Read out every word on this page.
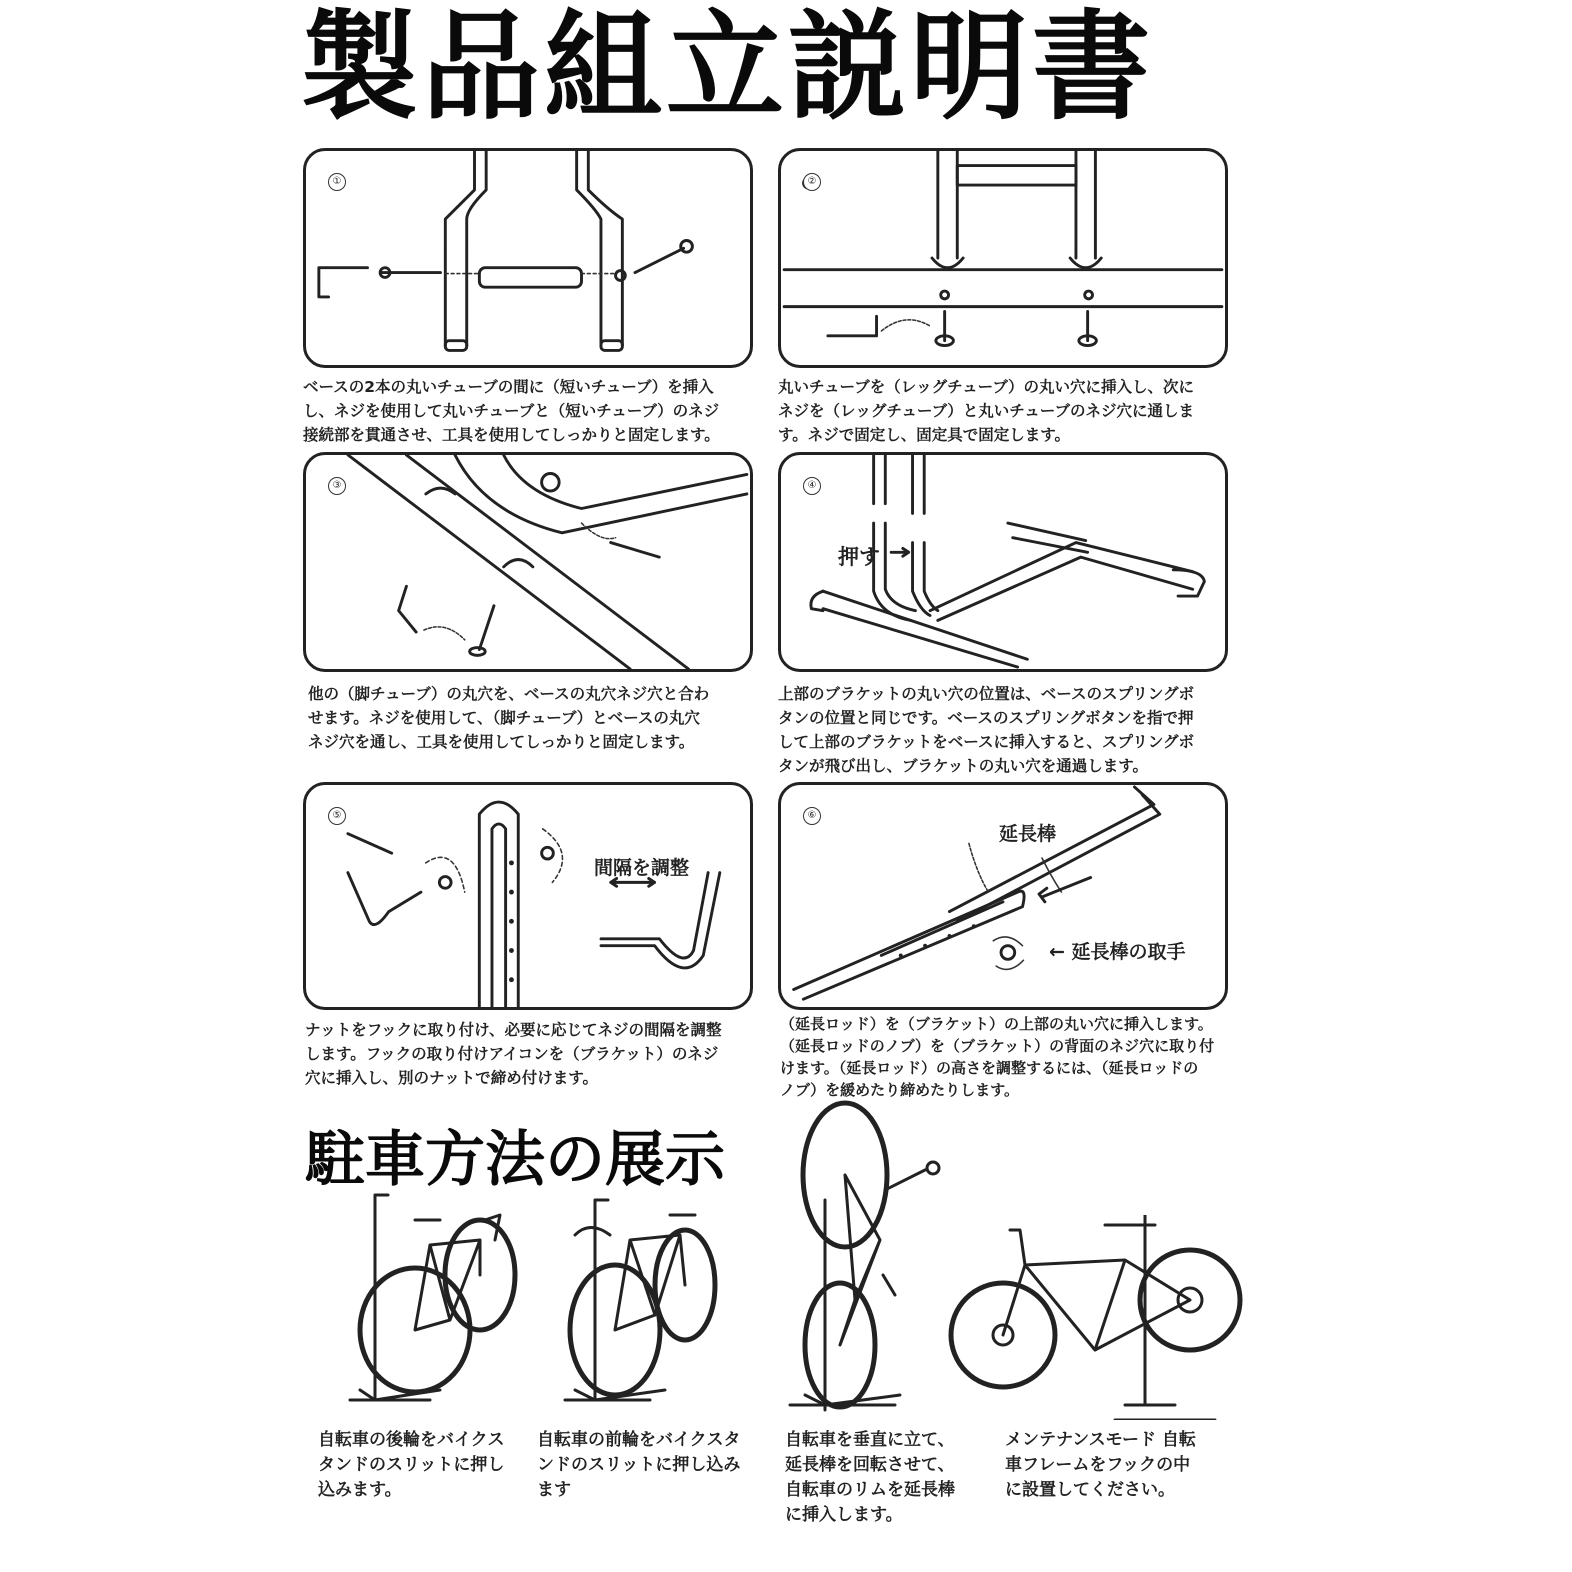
製品組立説明書
①
ベースの2本の丸いチューブの間に（短いチューブ）を挿入
し、ネジを使用して丸いチューブと（短いチューブ）のネジ
接続部を貫通させ、工具を使用してしっかりと固定します。
②
丸いチューブを（レッグチューブ）の丸い穴に挿入し、次に
ネジを（レッグチューブ）と丸いチューブのネジ穴に通しま
す。ネジで固定し、固定具で固定します。
③
他の（脚チューブ）の丸穴を、ベースの丸穴ネジ穴と合わ
せます。ネジを使用して、（脚チューブ）とベースの丸穴
ネジ穴を通し、工具を使用してしっかりと固定します。
④
押す
上部のブラケットの丸い穴の位置は、ベースのスプリングボ
タンの位置と同じです。ベースのスプリングボタンを指で押
して上部のブラケットをベースに挿入すると、スプリングボ
タンが飛び出し、ブラケットの丸い穴を通過します。
⑤
間隔を調整
ナットをフックに取り付け、必要に応じてネジの間隔を調整
します。フックの取り付けアイコンを（ブラケット）のネジ
穴に挿入し、別のナットで締め付けます。
⑥
延長棒
← 延長棒の取手
（延長ロッド）を（ブラケット）の上部の丸い穴に挿入します。
（延長ロッドのノブ）を（ブラケット）の背面のネジ穴に取り付
けます。（延長ロッド）の高さを調整するには、（延長ロッドの
ノブ）を緩めたり締めたりします。
駐車方法の展示
自転車の後輪をバイクス
タンドのスリットに押し
込みます。
自転車の前輪をバイクスタ
ンドのスリットに押し込み
ます
自転車を垂直に立て、
延長棒を回転させて、
自転車のリムを延長棒
に挿入します。
メンテナンスモード 自転
車フレームをフックの中
に設置してください。
